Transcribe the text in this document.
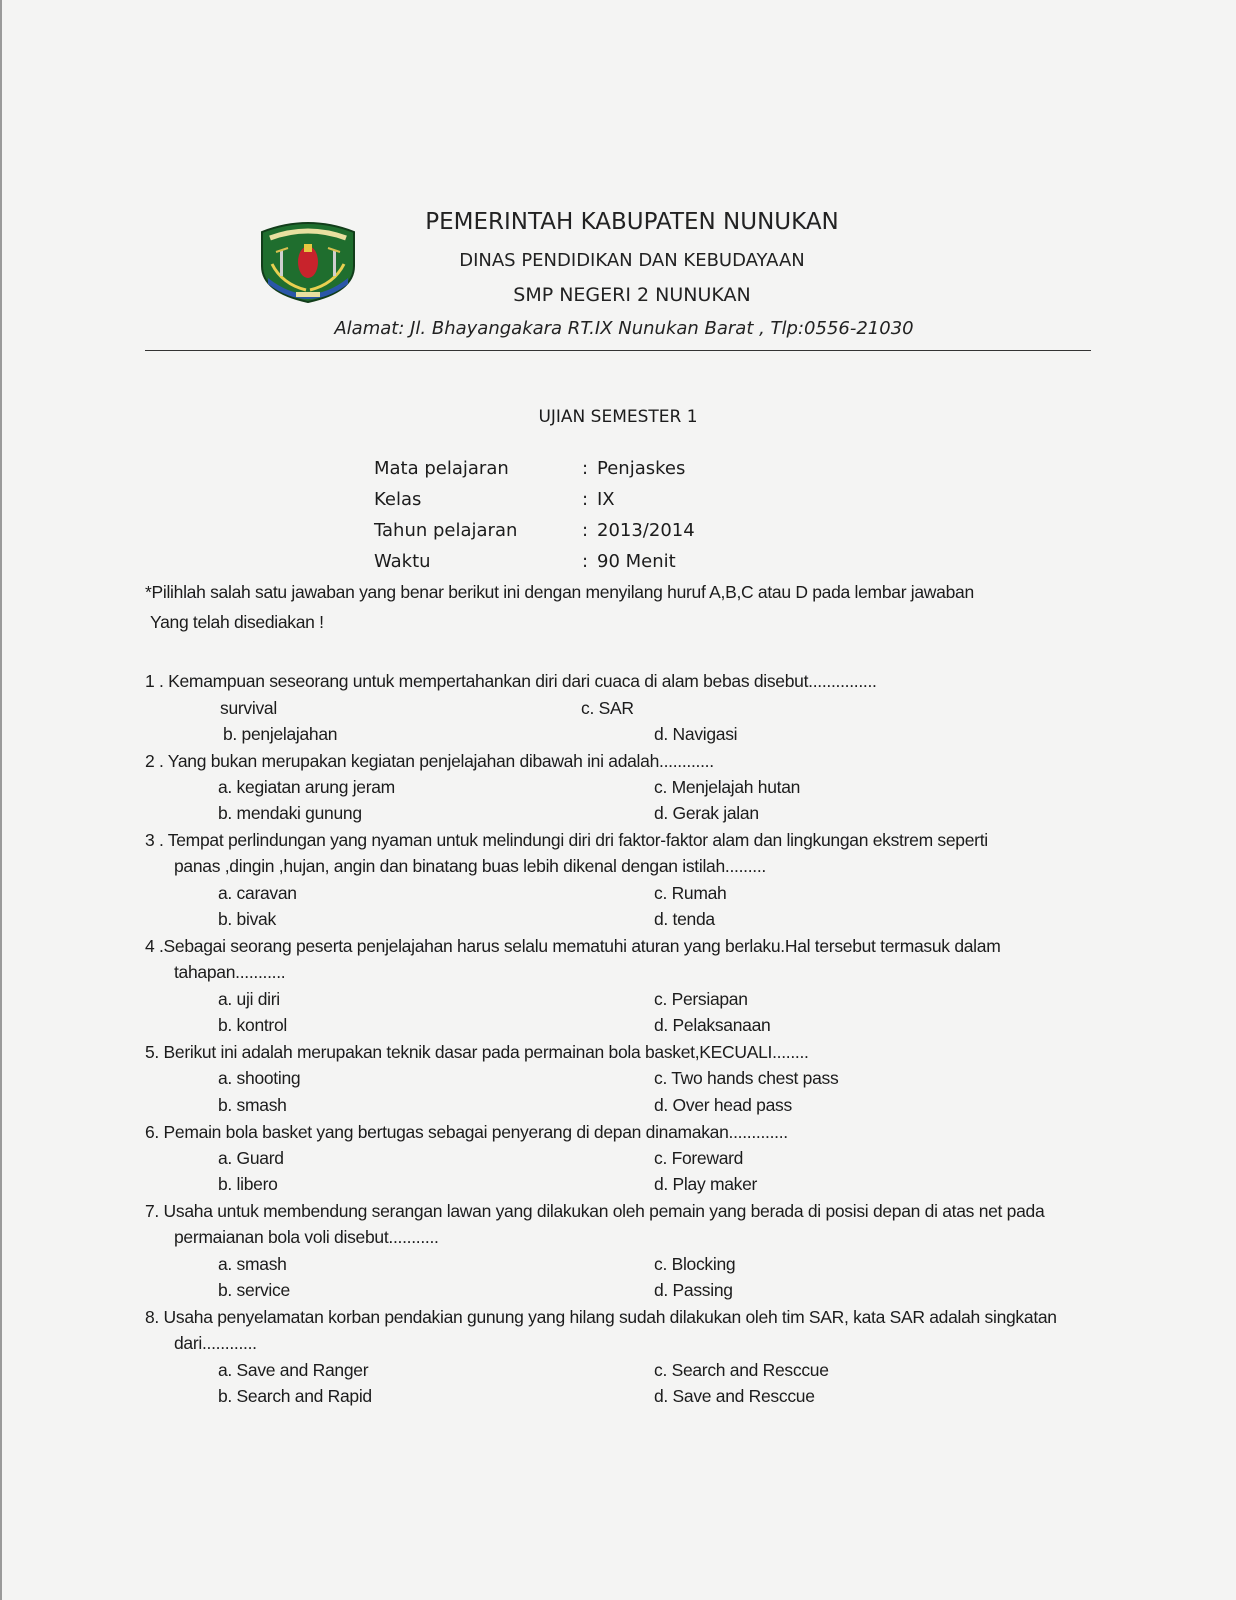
PEMERINTAH KABUPATEN NUNUKAN
DINAS PENDIDIKAN DAN KEBUDAYAAN
SMP NEGERI 2 NUNUKAN
Alamat: Jl. Bhayangakara RT.IX Nunukan Barat , Tlp:0556-21030
UJIAN SEMESTER 1
Mata pelajaran	: Penjaskes
Kelas	: IX
Tahun pelajaran	: 2013/2014
Waktu	: 90 Menit
*Pilihlah salah satu jawaban yang benar berikut ini dengan menyilang huruf A,B,C atau D pada lembar jawaban
Yang telah disediakan !
1 . Kemampuan seseorang untuk mempertahankan diri dari cuaca di alam bebas disebut...............
survival	c. SAR
b. penjelajahan	d. Navigasi
2 . Yang bukan merupakan kegiatan penjelajahan dibawah ini adalah............
a. kegiatan arung jeram	c. Menjelajah hutan
b. mendaki gunung	d. Gerak jalan
3 . Tempat perlindungan yang nyaman untuk melindungi diri dri faktor-faktor alam dan lingkungan ekstrem seperti
panas ,dingin ,hujan, angin dan binatang buas lebih dikenal dengan istilah.........
a. caravan	c. Rumah
b. bivak	d. tenda
4 .Sebagai seorang peserta penjelajahan harus selalu mematuhi aturan yang berlaku.Hal tersebut termasuk dalam
tahapan...........
a. uji diri	c. Persiapan
b. kontrol	d. Pelaksanaan
5. Berikut ini adalah merupakan teknik dasar pada permainan bola basket,KECUALI........
a. shooting	c. Two hands chest pass
b. smash	d. Over head pass
6. Pemain bola basket yang bertugas sebagai penyerang di depan dinamakan.............
a. Guard	c. Foreward
b. libero	d. Play maker
7. Usaha untuk membendung serangan lawan yang dilakukan oleh pemain yang berada di posisi depan di atas net pada
permaianan bola voli disebut...........
a. smash	c. Blocking
b. service	d. Passing
8. Usaha penyelamatan korban pendakian gunung yang hilang sudah dilakukan oleh tim SAR, kata SAR adalah singkatan
dari............
a. Save and Ranger	c. Search and Resccue
b. Search and Rapid	d. Save and Resccue
